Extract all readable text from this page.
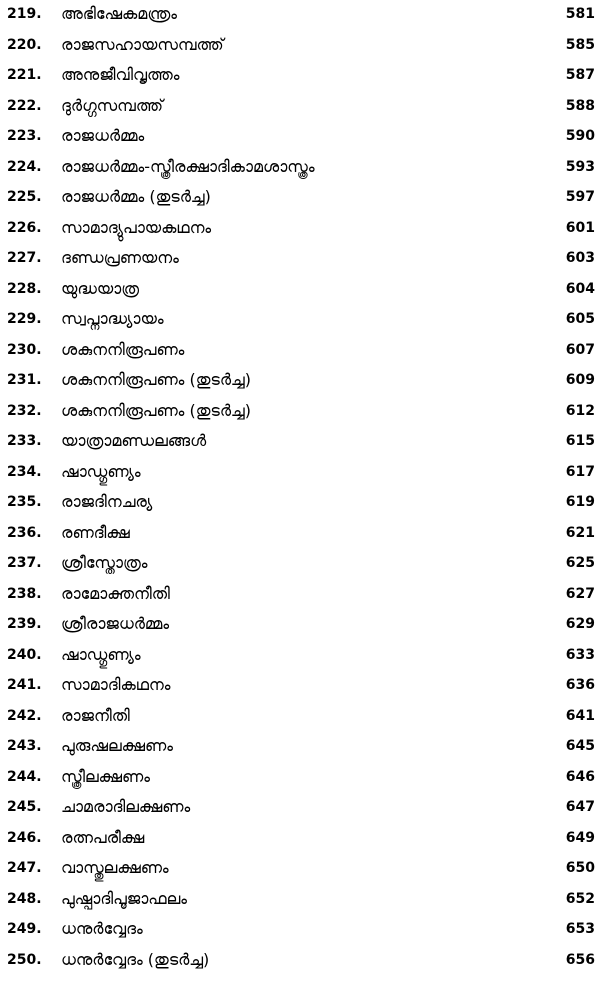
219. അഭിഷേകമന്ത്രം	581
220. രാജസഹായസമ്പത്ത്	585
221. അനുജീവിവൃത്തം	587
222. ദുർഗ്ഗസമ്പത്ത്	588
223. രാജധർമ്മം	590
224. രാജധർമ്മം-സ്ത്രീരക്ഷാദികാമശാസ്ത്രം	593
225. രാജധർമ്മം (തുടർച്ച)	597
226. സാമാദ്യുപായകഥനം	601
227. ദണ്ഡപ്രണയനം	603
228. യുദ്ധയാത്ര	604
229. സ്വപ്നാദ്ധ്യായം	605
230. ശകുനനിരൂപണം	607
231. ശകുനനിരൂപണം (തുടർച്ച)	609
232. ശകുനനിരൂപണം (തുടർച്ച)	612
233. യാത്രാമണ്ഡലങ്ങൾ	615
234. ഷാഡ്ഗുണ്യം	617
235. രാജദിനചര്യ	619
236. രണദീക്ഷ	621
237. ശ്രീസ്തോത്രം	625
238. രാമോക്തനീതി	627
239. ശ്രീരാജധർമ്മം	629
240. ഷാഡ്ഗുണ്യം	633
241. സാമാദികഥനം	636
242. രാജനീതി	641
243. പുരുഷലക്ഷണം	645
244. സ്ത്രീലക്ഷണം	646
245. ചാമരാദിലക്ഷണം	647
246. രത്നപരീക്ഷ	649
247. വാസ്തുലക്ഷണം	650
248. പുഷ്പാദിപൂജാഫലം	652
249. ധനുർവ്വേദം	653
250. ധനുർവ്വേദം (തുടർച്ച)	656
